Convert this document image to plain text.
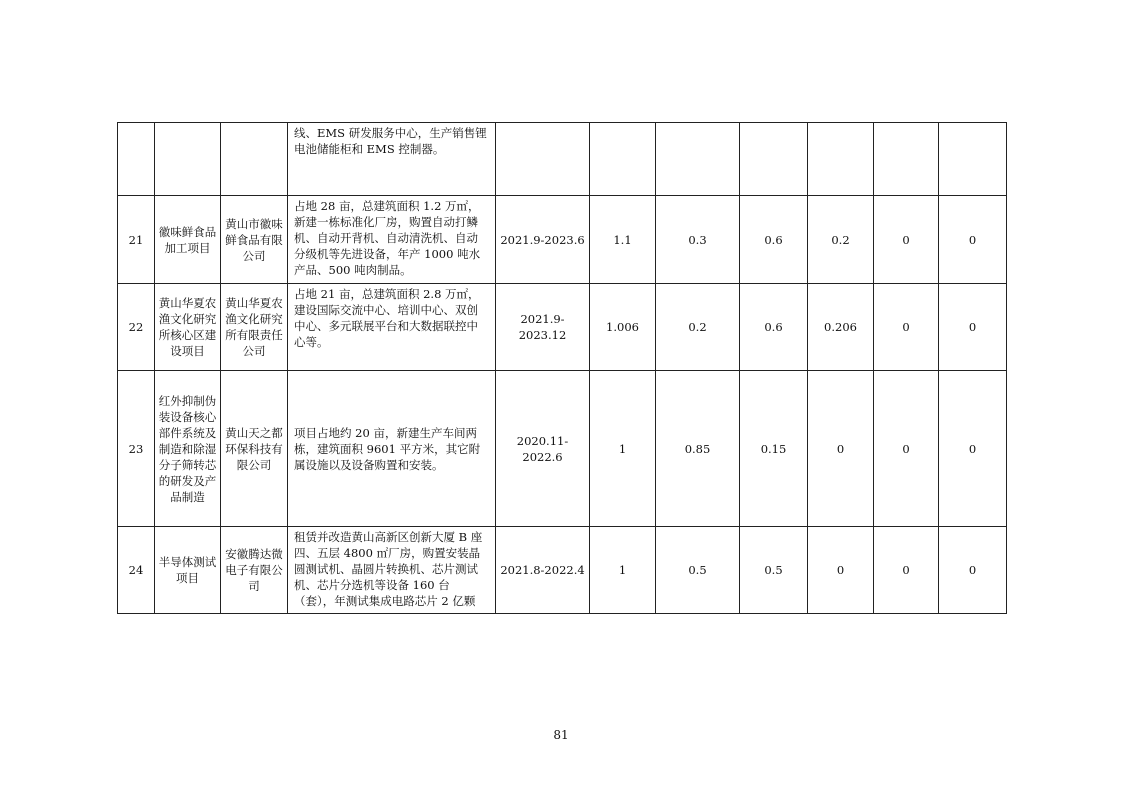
			线、EMS 研发服务中心，生产销售锂电池储能柜和 EMS 控制器。							
21	徽味鲜食品加工项目	黄山市徽味鲜食品有限公司	占地 28 亩，总建筑面积 1.2 万㎡，新建一栋标准化厂房，购置自动打鳞机、自动开背机、自动清洗机、自动分级机等先进设备，年产 1000 吨水产品、500 吨肉制品。	2021.9-2023.6	1.1	0.3	0.6	0.2	0	0
22	黄山华夏农渔文化研究所核心区建设项目	黄山华夏农渔文化研究所有限责任公司	占地 21 亩，总建筑面积 2.8 万㎡，建设国际交流中心、培训中心、双创中心、多元联展平台和大数据联控中心等。	2021.9-2023.12	1.006	0.2	0.6	0.206	0	0
23	红外抑制伪装设备核心部件系统及制造和除湿分子筛转芯的研发及产品制造	黄山天之都环保科技有限公司	项目占地约 20 亩，新建生产车间两栋，建筑面积 9601 平方米，其它附属设施以及设备购置和安装。	2020.11-2022.6	1	0.85	0.15	0	0	0
24	半导体测试项目	安徽腾达微电子有限公司	租赁并改造黄山高新区创新大厦 B 座四、五层 4800 ㎡厂房，购置安装晶圆测试机、晶圆片转换机、芯片测试机、芯片分选机等设备 160 台（套），年测试集成电路芯片 2 亿颗	2021.8-2022.4	1	0.5	0.5	0	0	0
81
